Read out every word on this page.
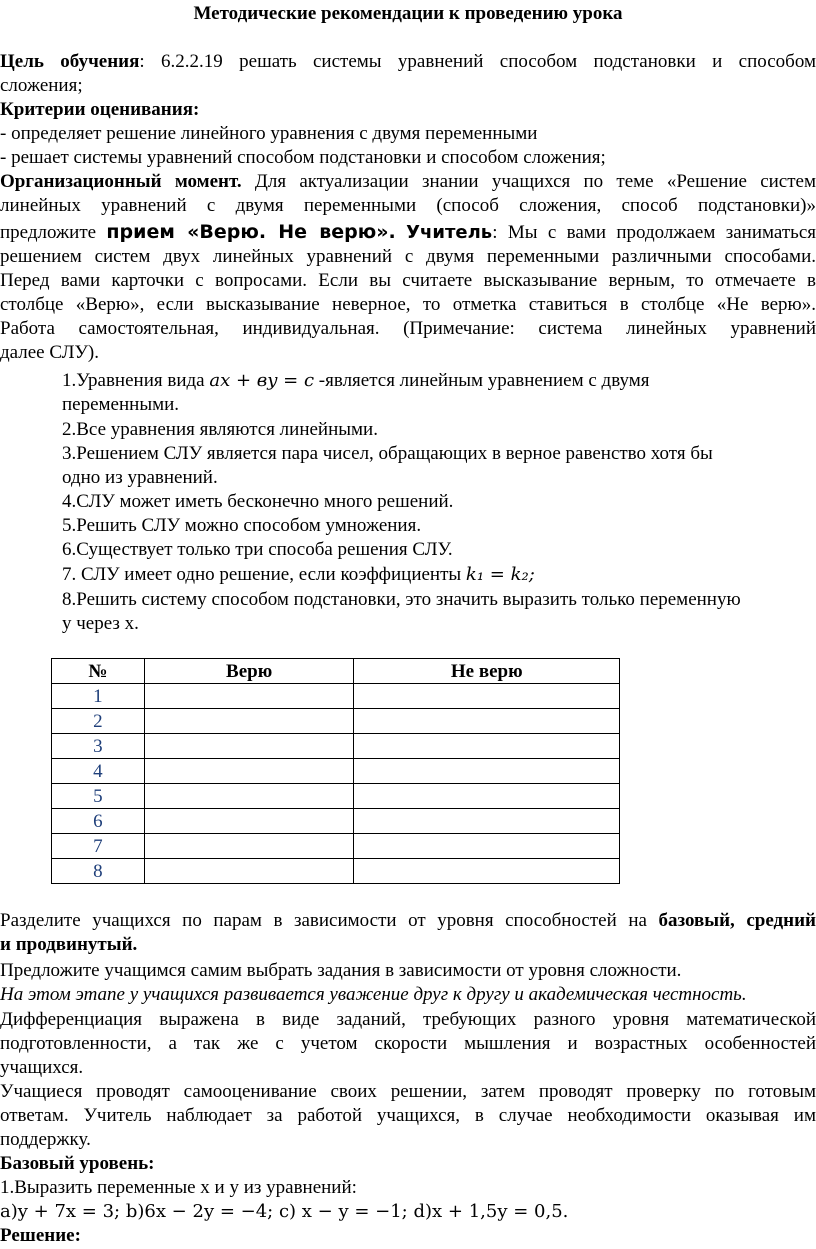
Методические рекомендации к проведению урока
Цель обучения: 6.2.2.19 решать системы уравнений способом подстановки и способом
сложения;
Критерии оценивания:
- определяет решение линейного уравнения с двумя переменными
- решает системы уравнений способом подстановки и способом сложения;
Организационный момент. Для актуализации знании учащихся по теме «Решение систем
линейных уравнений с двумя переменными (способ сложения, способ подстановки)»
предложите прием «Верю. Не верю». Учитель: Мы с вами продолжаем заниматься
решением систем двух линейных уравнений с двумя переменными различными способами.
Перед вами карточки с вопросами. Если вы считаете высказывание верным, то отмечаете в
столбце «Верю», если высказывание неверное, то отметка ставиться в столбце «Не верю».
Работа самостоятельная, индивидуальная. (Примечание: система линейных уравнений
далее СЛУ).
1.Уравнения вида ax + вy = c -является линейным уравнением с двумя
переменными.
2.Все уравнения являются линейными.
3.Решением СЛУ является пара чисел, обращающих в верное равенство хотя бы
одно из уравнений.
4.СЛУ может иметь бесконечно много решений.
5.Решить СЛУ можно способом умножения.
6.Существует только три способа решения СЛУ.
7. СЛУ имеет одно решение, если коэффициенты k₁ = k₂;
8.Решить систему способом подстановки, это значить выразить только переменную
у через х.
№	Верю	Не верю
1		
2		
3		
4		
5		
6		
7		
8		
Разделите учащихся по парам в зависимости от уровня способностей на базовый, средний
и продвинутый.
Предложите учащимся самим выбрать задания в зависимости от уровня сложности.
На этом этапе у учащихся развивается уважение друг к другу и академическая честность.
Дифференциация выражена в виде заданий, требующих разного уровня математической
подготовленности, а так же с учетом скорости мышления и возрастных особенностей
учащихся.
Учащиеся проводят самооценивание своих решении, затем проводят проверку по готовым
ответам. Учитель наблюдает за работой учащихся, в случае необходимости оказывая им
поддержку.
Базовый уровень:
1.Выразить переменные х и у из уравнений:
a)y + 7x = 3; b)6x − 2y = −4; c) x − y = −1; d)x + 1,5y = 0,5.
Решение:
